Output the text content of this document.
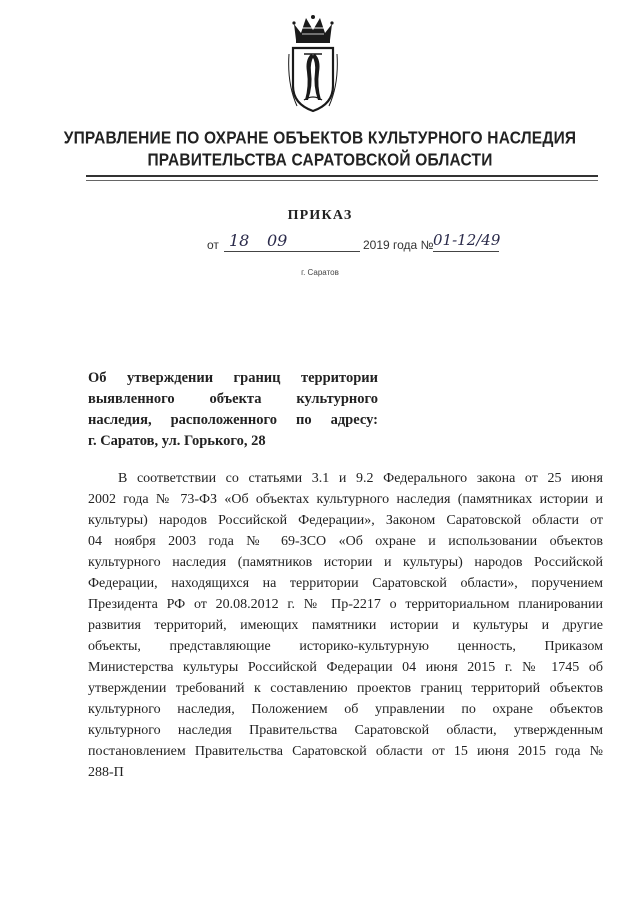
УПРАВЛЕНИЕ ПО ОХРАНЕ ОБЪЕКТОВ КУЛЬТУРНОГО НАСЛЕДИЯ
ПРАВИТЕЛЬСТВА САРАТОВСКОЙ ОБЛАСТИ
ПРИКАЗ
от 18 09	2019 года № 01-12/49
г. Саратов
Об утверждении границ территории
выявленного объекта культурного
наследия, расположенного по адресу:
г. Саратов, ул. Горького, 28
В соответствии со статьями 3.1 и 9.2 Федерального закона от 25 июня
2002 года № 73-ФЗ «Об объектах культурного наследия (памятниках истории и
культуры) народов Российской Федерации», Законом Саратовской области от
04 ноября 2003 года № 69-ЗСО «Об охране и использовании объектов
культурного наследия (памятников истории и культуры) народов Российской
Федерации, находящихся на территории Саратовской области», поручением
Президента РФ от 20.08.2012 г. № Пр-2217 о территориальном планировании
развития территорий, имеющих памятники истории и культуры и другие
объекты, представляющие историко-культурную ценность, Приказом
Министерства культуры Российской Федерации 04 июня 2015 г. № 1745 об
утверждении требований к составлению проектов границ территорий объектов
культурного наследия, Положением об управлении по охране объектов
культурного наследия Правительства Саратовской области, утвержденным
постановлением Правительства Саратовской области от 15 июня 2015 года №
288-П
